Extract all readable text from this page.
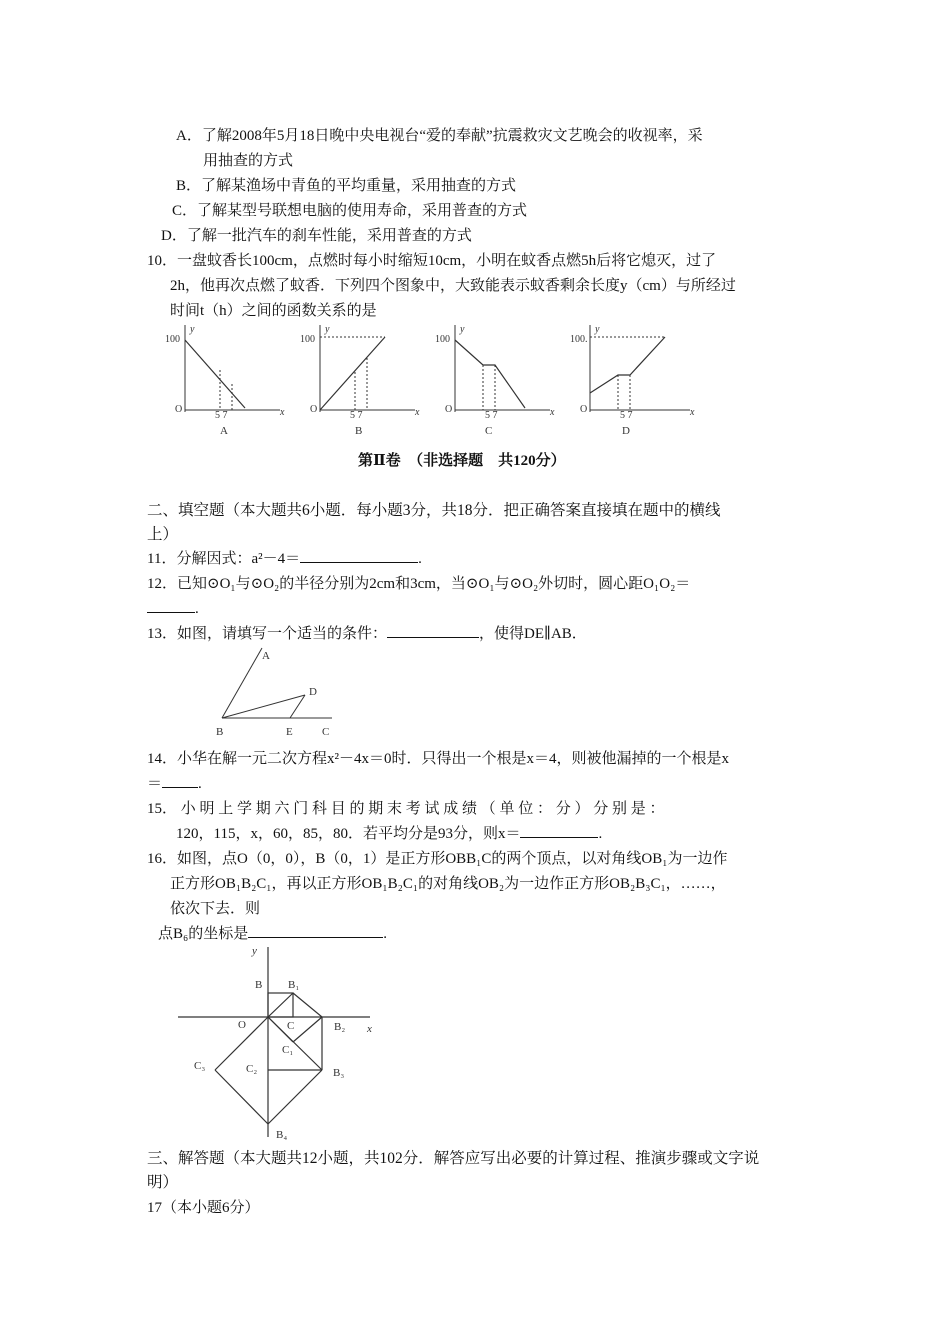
A．了解2008年5月18日晚中央电视台“爱的奉献”抗震救灾文艺晚会的收视率，采
用抽查的方式
B．了解某渔场中青鱼的平均重量，采用抽查的方式
C．了解某型号联想电脑的使用寿命，采用普查的方式
D．了解一批汽车的刹车性能，采用普查的方式
10．一盘蚊香长100cm，点燃时每小时缩短10cm，小明在蚊香点燃5h后将它熄灭，过了
2h，他再次点燃了蚊香．下列四个图象中，大致能表示蚊香剩余长度y（cm）与所经过
时间t（h）之间的函数关系的是
y
100
O	x
5 7
A
y
100
O	x
5 7
B
y
100
O	x
5 7
C
y
100.
O	x
5 7
D
第Ⅱ卷　（非选择题　共120分）
二、填空题（本大题共6小题．每小题3分，共18分．把正确答案直接填在题中的横线
上）
11．分解因式：a²－4＝	.
12．已知⊙O₁与⊙O₂的半径分别为2cm和3cm，当⊙O₁与⊙O₂外切时，圆心距O₁O₂＝
.
13．如图，请填写一个适当的条件：	，使得DE∥AB．
A
D
B	E	C
14．小华在解一元二次方程x²－4x＝0时．只得出一个根是x＝4，则被他漏掉的一个根是x
＝ .
15． 小 明 上 学 期 六 门 科 目 的 期 末 考 试 成 绩 （ 单 位 ： 分 ） 分 别 是 ：
120，115，x，60，85，80．若平均分是93分，则x＝	.
16．如图，点O（0，0），B（0，1）是正方形OBB₁C的两个顶点，以对角线OB₁为一边作
正方形OB₁B₂C₁，再以正方形OB₁B₂C₁的对角线OB₂为一边作正方形OB₂B₃C₁，……，
依次下去．则
点B₆的坐标是	.
y
x
B B₁
O	C	B₂
C₁
C₂
C₃
B₃
B₄
三、解答题（本大题共12小题，共102分．解答应写出必要的计算过程、推演步骤或文字说
明）
17（本小题6分）
